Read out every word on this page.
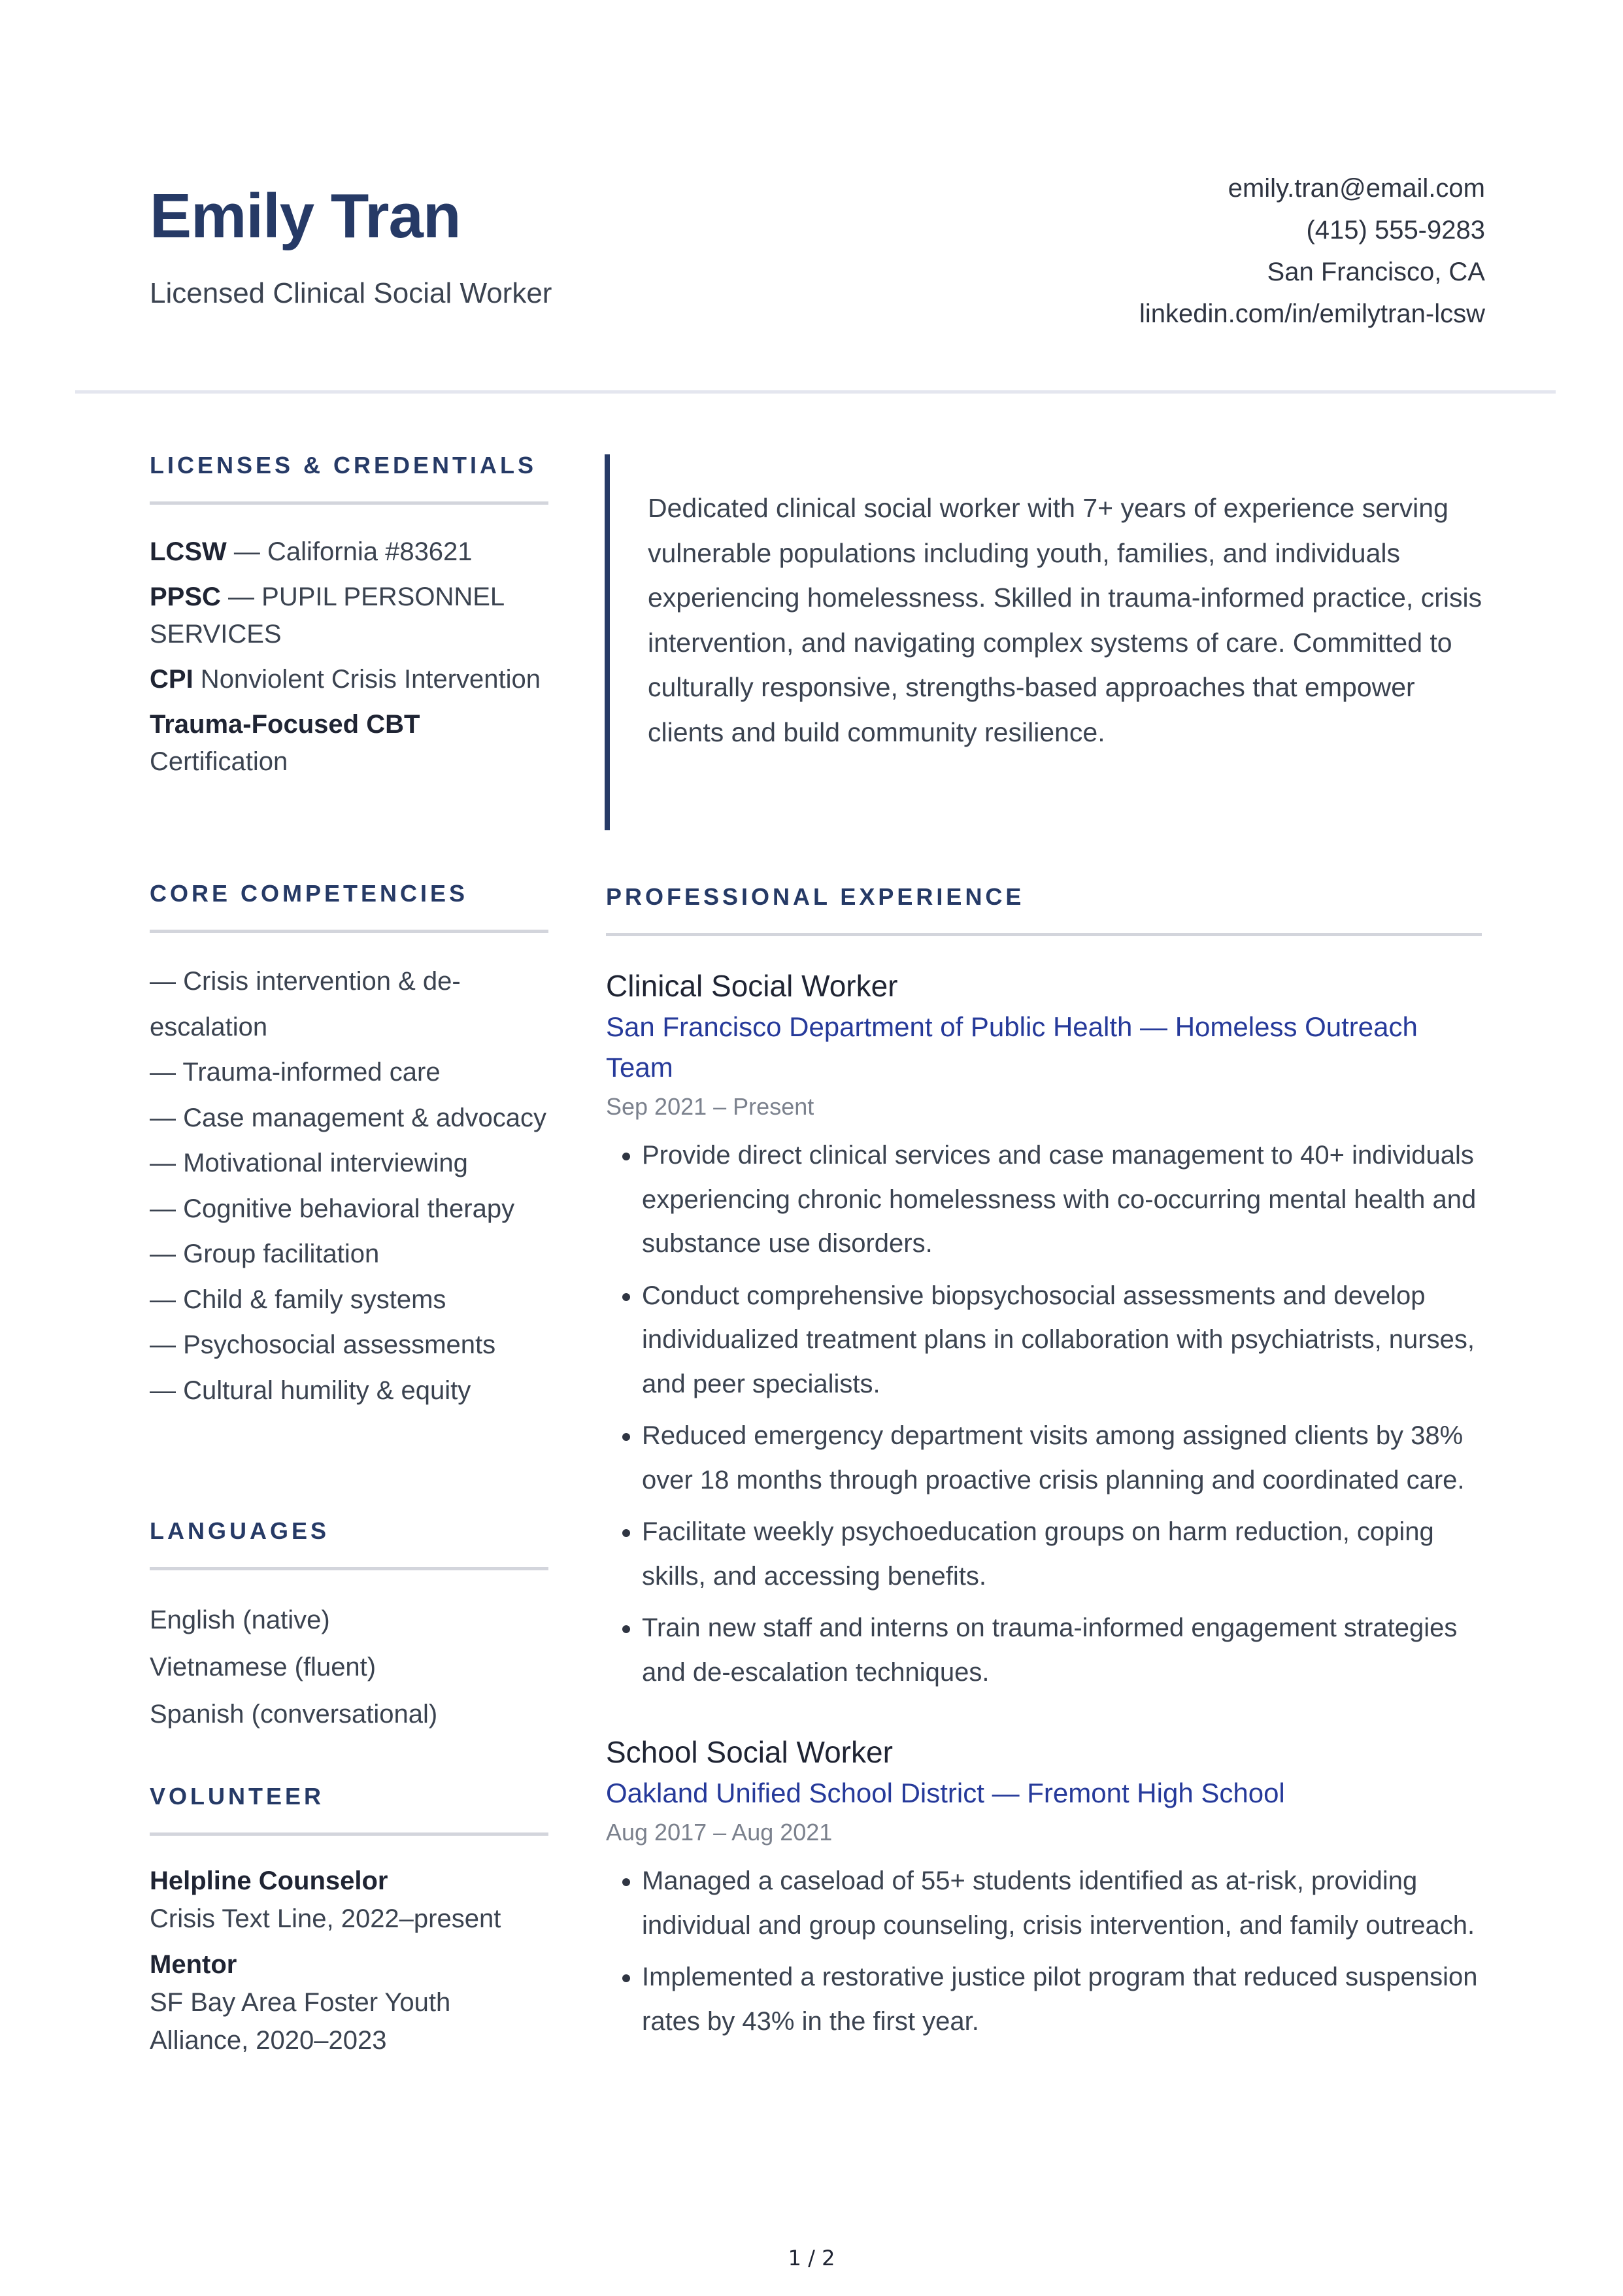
Emily Tran

Licensed Clinical Social Worker

emily.tran@email.com
(415) 555-9283
San Francisco, CA
linkedin.com/in/emilytran-lcsw
LICENSES & CREDENTIALS

LCSW — California #83621

PPSC — PUPIL PERSONNEL SERVICES

CPI Nonviolent Crisis Intervention

Trauma-Focused CBT Certification

CORE COMPETENCIES
— Crisis intervention & de-escalation
— Trauma-informed care
— Case management & advocacy
— Motivational interviewing
— Cognitive behavioral therapy
— Group facilitation
— Child & family systems
— Psychosocial assessments
— Cultural humility & equity
LANGUAGES
English (native)
Vietnamese (fluent)
Spanish (conversational)
VOLUNTEER
Helpline Counselor
Crisis Text Line, 2022–present
Mentor
SF Bay Area Foster Youth Alliance, 2020–2023
Dedicated clinical social worker with 7+ years of experience serving vulnerable populations including youth, families, and individuals experiencing homelessness. Skilled in trauma-informed practice, crisis intervention, and navigating complex systems of care. Committed to culturally responsive, strengths-based approaches that empower clients and build community resilience.
PROFESSIONAL EXPERIENCE

Clinical Social Worker

San Francisco Department of Public Health — Homeless Outreach Team

Sep 2021 – Present

• Provide direct clinical services and case management to 40+ individuals experiencing chronic homelessness with co-occurring mental health and substance use disorders.
• Conduct comprehensive biopsychosocial assessments and develop individualized treatment plans in collaboration with psychiatrists, nurses, and peer specialists.
• Reduced emergency department visits among assigned clients by 38% over 18 months through proactive crisis planning and coordinated care.
• Facilitate weekly psychoeducation groups on harm reduction, coping skills, and accessing benefits.
• Train new staff and interns on trauma-informed engagement strategies and de-escalation techniques.

School Social Worker

Oakland Unified School District — Fremont High School

Aug 2017 – Aug 2021

• Managed a caseload of 55+ students identified as at-risk, providing individual and group counseling, crisis intervention, and family outreach.
• Implemented a restorative justice pilot program that reduced suspension rates by 43% in the first year.
1 / 2
